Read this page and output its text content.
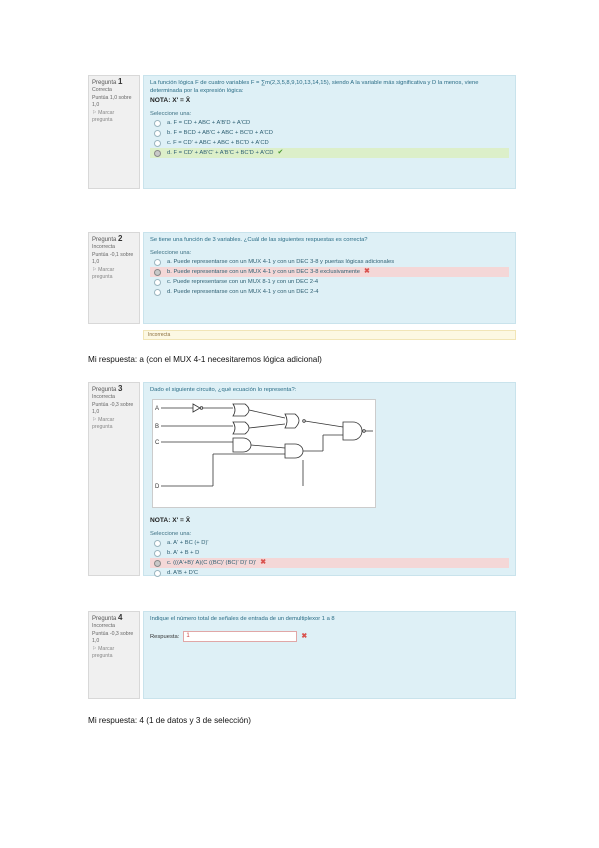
Pregunta 1
Correcta
Puntúa 1,0 sobre 1,0
⚐ Marcar pregunta
La función lógica F de cuatro variables F = ∑m(2,3,5,8,9,10,13,14,15), siendo A la variable más significativa y D la menos, viene determinada por la expresión lógica:
NOTA: X' = X̄
Seleccione una:
a. F = CD + ABC + A'B'D + A'CD
b. F = BCD + AB'C + ABC + BC'D + A'CD
c. F = CD' + ABC + ABC + BC'D + A'CD
d. F = CD' + AB'C' + A'B'C + BC'D + A'CD ✔
Pregunta 2
Incorrecta
Puntúa -0,1 sobre 1,0
⚐ Marcar pregunta
Se tiene una función de 3 variables. ¿Cuál de las siguientes respuestas es correcta?
Seleccione una:
a. Puede representarse con un MUX 4-1 y con un DEC 3-8 y puertas lógicas adicionales
b. Puede representarse con un MUX 4-1 y con un DEC 3-8 exclusivamente ✖
c. Puede representarse con un MUX 8-1 y con un DEC 2-4
d. Puede representarse con un MUX 4-1 y con un DEC 2-4
Incorrecta
Mi respuesta: a (con el MUX 4-1 necesitaremos lógica adicional)
Pregunta 3
Incorrecta
Puntúa -0,3 sobre 1,0
⚐ Marcar pregunta
Dado el siguiente circuito, ¿qué ecuación lo representa?:
A
B
C
D
NOTA: X' = X̄
Seleccione una:
a. A' + BC (+ D)'
b. A' + B + D
c. (((A'+B)' A)(C ((BC)' (BC)' D)' D)' ✖
d. A'B + D'C
Pregunta 4
Incorrecta
Puntúa -0,3 sobre 1,0
⚐ Marcar pregunta
Indique el número total de señales de entrada de un demultiplexor 1 a 8
Respuesta:	1	✖
Mi respuesta: 4 (1 de datos y 3 de selección)
